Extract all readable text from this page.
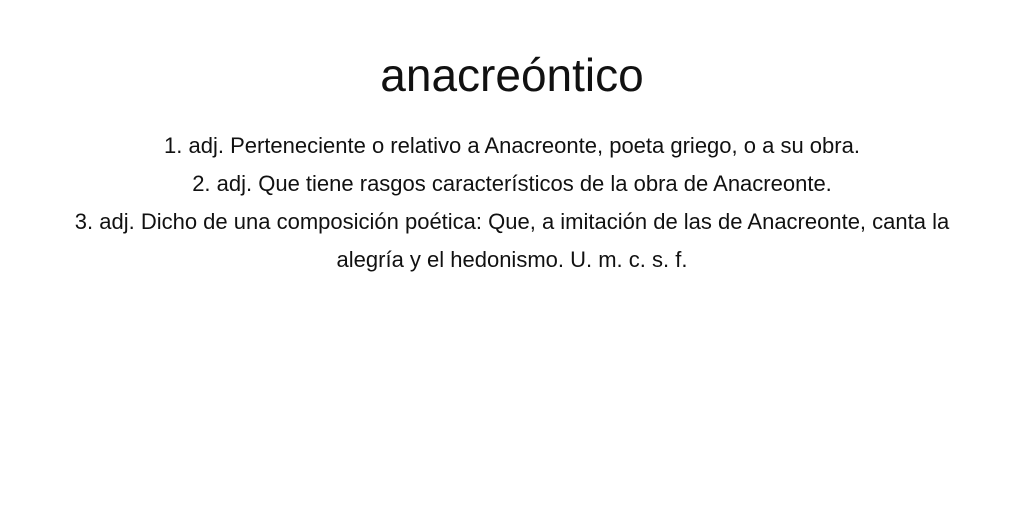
anacreóntico
1. adj. Perteneciente o relativo a Anacreonte, poeta griego, o a su obra.
2. adj. Que tiene rasgos característicos de la obra de Anacreonte.
3. adj. Dicho de una composición poética: Que, a imitación de las de Anacreonte, canta la alegría y el hedonismo. U. m. c. s. f.
